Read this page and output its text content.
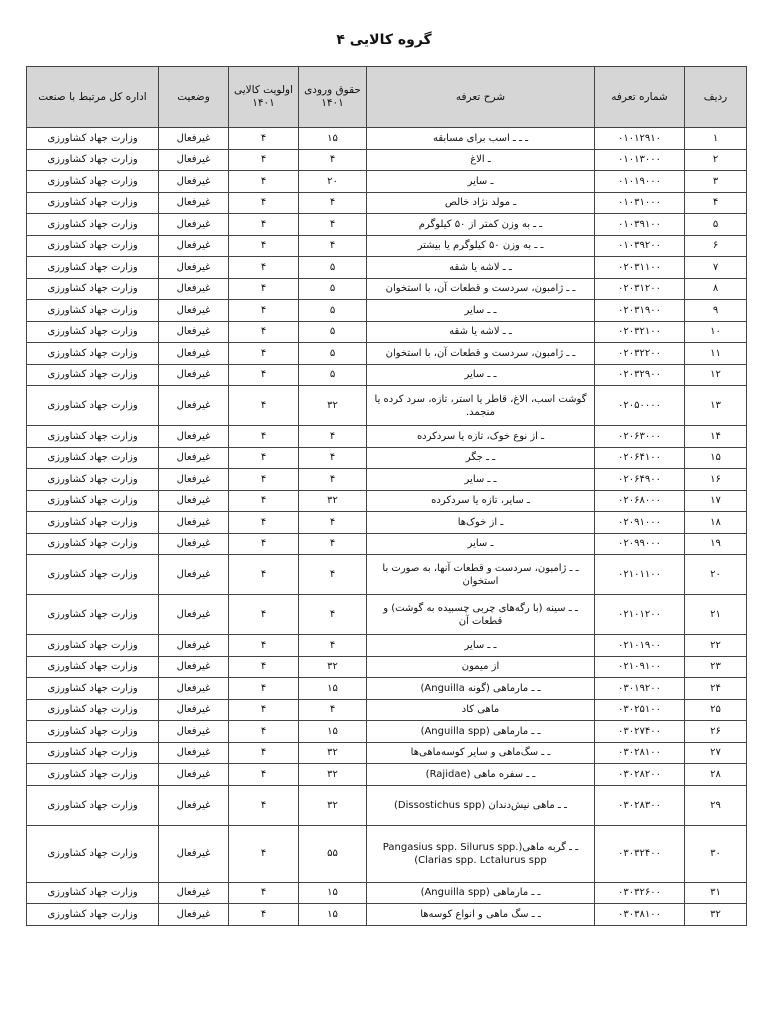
گروه کالایی ۴
ردیف	شماره تعرفه	شرح تعرفه	حقوق ورودی ۱۴۰۱	اولویت کالایی ۱۴۰۱	وضعیت	اداره کل مرتبط با صنعت
۱	۰۱۰۱۲۹۱۰	ـ ـ ـ اسب برای مسابقه	۱۵	۴	غیرفعال	وزارت جهاد کشاورزی
۲	۰۱۰۱۳۰۰۰	ـ الاغ	۴	۴	غیرفعال	وزارت جهاد کشاورزی
۳	۰۱۰۱۹۰۰۰	ـ سایر	۲۰	۴	غیرفعال	وزارت جهاد کشاورزی
۴	۰۱۰۳۱۰۰۰	ـ مولد نژاد خالص	۴	۴	غیرفعال	وزارت جهاد کشاورزی
۵	۰۱۰۳۹۱۰۰	ـ ـ به وزن کمتر از ۵۰ کیلوگرم	۴	۴	غیرفعال	وزارت جهاد کشاورزی
۶	۰۱۰۳۹۲۰۰	ـ ـ به وزن ۵۰ کیلوگرم یا بیشتر	۴	۴	غیرفعال	وزارت جهاد کشاورزی
۷	۰۲۰۳۱۱۰۰	ـ ـ لاشه یا شقه	۵	۴	غیرفعال	وزارت جهاد کشاورزی
۸	۰۲۰۳۱۲۰۰	ـ ـ ژامبون، سردست و قطعات آن، با استخوان	۵	۴	غیرفعال	وزارت جهاد کشاورزی
۹	۰۲۰۳۱۹۰۰	ـ ـ سایر	۵	۴	غیرفعال	وزارت جهاد کشاورزی
۱۰	۰۲۰۳۲۱۰۰	ـ ـ لاشه یا شقه	۵	۴	غیرفعال	وزارت جهاد کشاورزی
۱۱	۰۲۰۳۲۲۰۰	ـ ـ ژامبون، سردست و قطعات آن، با استخوان	۵	۴	غیرفعال	وزارت جهاد کشاورزی
۱۲	۰۲۰۳۲۹۰۰	ـ ـ سایر	۵	۴	غیرفعال	وزارت جهاد کشاورزی
۱۳	۰۲۰۵۰۰۰۰	گوشت اسب، الاغ، قاطر یا استر، تازه، سرد کرده یا منجمد.	۳۲	۴	غیرفعال	وزارت جهاد کشاورزی
۱۴	۰۲۰۶۳۰۰۰	ـ از نوع خوک، تازه یا سردکرده	۴	۴	غیرفعال	وزارت جهاد کشاورزی
۱۵	۰۲۰۶۴۱۰۰	ـ ـ جگر	۴	۴	غیرفعال	وزارت جهاد کشاورزی
۱۶	۰۲۰۶۴۹۰۰	ـ ـ سایر	۴	۴	غیرفعال	وزارت جهاد کشاورزی
۱۷	۰۲۰۶۸۰۰۰	ـ سایر، تازه یا سردکرده	۳۲	۴	غیرفعال	وزارت جهاد کشاورزی
۱۸	۰۲۰۹۱۰۰۰	ـ از خوک‌ها	۴	۴	غیرفعال	وزارت جهاد کشاورزی
۱۹	۰۲۰۹۹۰۰۰	ـ سایر	۴	۴	غیرفعال	وزارت جهاد کشاورزی
۲۰	۰۲۱۰۱۱۰۰	ـ ـ ژامبون، سردست و قطعات آنها، به صورت با استخوان	۴	۴	غیرفعال	وزارت جهاد کشاورزی
۲۱	۰۲۱۰۱۲۰۰	ـ ـ سینه (با رگه‌های چربی چسبیده به گوشت) و قطعات آن	۴	۴	غیرفعال	وزارت جهاد کشاورزی
۲۲	۰۲۱۰۱۹۰۰	ـ ـ سایر	۴	۴	غیرفعال	وزارت جهاد کشاورزی
۲۳	۰۲۱۰۹۱۰۰	از میمون	۳۲	۴	غیرفعال	وزارت جهاد کشاورزی
۲۴	۰۳۰۱۹۲۰۰	ـ ـ مارماهی (گونه Anguilla)	۱۵	۴	غیرفعال	وزارت جهاد کشاورزی
۲۵	۰۳۰۲۵۱۰۰	ماهی کاد	۴	۴	غیرفعال	وزارت جهاد کشاورزی
۲۶	۰۳۰۲۷۴۰۰	ـ ـ مارماهی (Anguilla spp)	۱۵	۴	غیرفعال	وزارت جهاد کشاورزی
۲۷	۰۳۰۲۸۱۰۰	ـ ـ سگ‌ماهی و سایر کوسه‌ماهی‌ها	۳۲	۴	غیرفعال	وزارت جهاد کشاورزی
۲۸	۰۳۰۲۸۲۰۰	ـ ـ سفره ماهی (Rajidae)	۳۲	۴	غیرفعال	وزارت جهاد کشاورزی
۲۹	۰۳۰۲۸۳۰۰	ـ ـ ماهی نیش‌دندان (Dissostichus spp)	۳۲	۴	غیرفعال	وزارت جهاد کشاورزی
۳۰	۰۳۰۳۲۴۰۰	ـ ـ گربه ماهی(Pangasius spp. Silurus spp. Clarias spp. Lctalurus spp)	۵۵	۴	غیرفعال	وزارت جهاد کشاورزی
۳۱	۰۳۰۳۲۶۰۰	ـ ـ مارماهی (Anguilla spp)	۱۵	۴	غیرفعال	وزارت جهاد کشاورزی
۳۲	۰۳۰۳۸۱۰۰	ـ ـ سگ ماهی و انواع کوسه‌ها	۱۵	۴	غیرفعال	وزارت جهاد کشاورزی
